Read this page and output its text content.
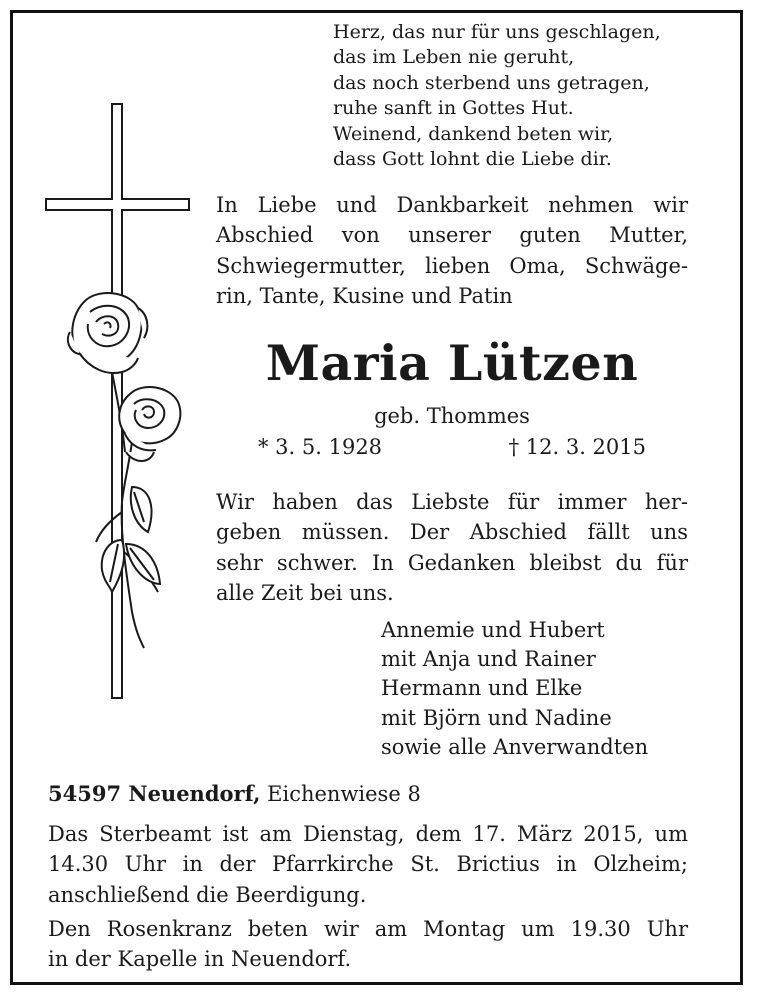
Herz, das nur für uns geschlagen,
das im Leben nie geruht,
das noch sterbend uns getragen,
ruhe sanft in Gottes Hut.
Weinend, dankend beten wir,
dass Gott lohnt die Liebe dir.
In Liebe und Dankbarkeit nehmen wir
Abschied von unserer guten Mutter,
Schwiegermutter, lieben Oma, Schwäge-
rin, Tante, Kusine und Patin
Maria Lützen
geb. Thommes
* 3. 5. 1928	† 12. 3. 2015
Wir haben das Liebste für immer her-
geben müssen. Der Abschied fällt uns
sehr schwer. In Gedanken bleibst du für
alle Zeit bei uns.
Annemie und Hubert
mit Anja und Rainer
Hermann und Elke
mit Björn und Nadine
sowie alle Anverwandten
54597 Neuendorf, Eichenwiese 8
Das Sterbeamt ist am Dienstag, dem 17. März 2015, um
14.30 Uhr in der Pfarrkirche St. Brictius in Olzheim;
anschließend die Beerdigung.
Den Rosenkranz beten wir am Montag um 19.30 Uhr
in der Kapelle in Neuendorf.
